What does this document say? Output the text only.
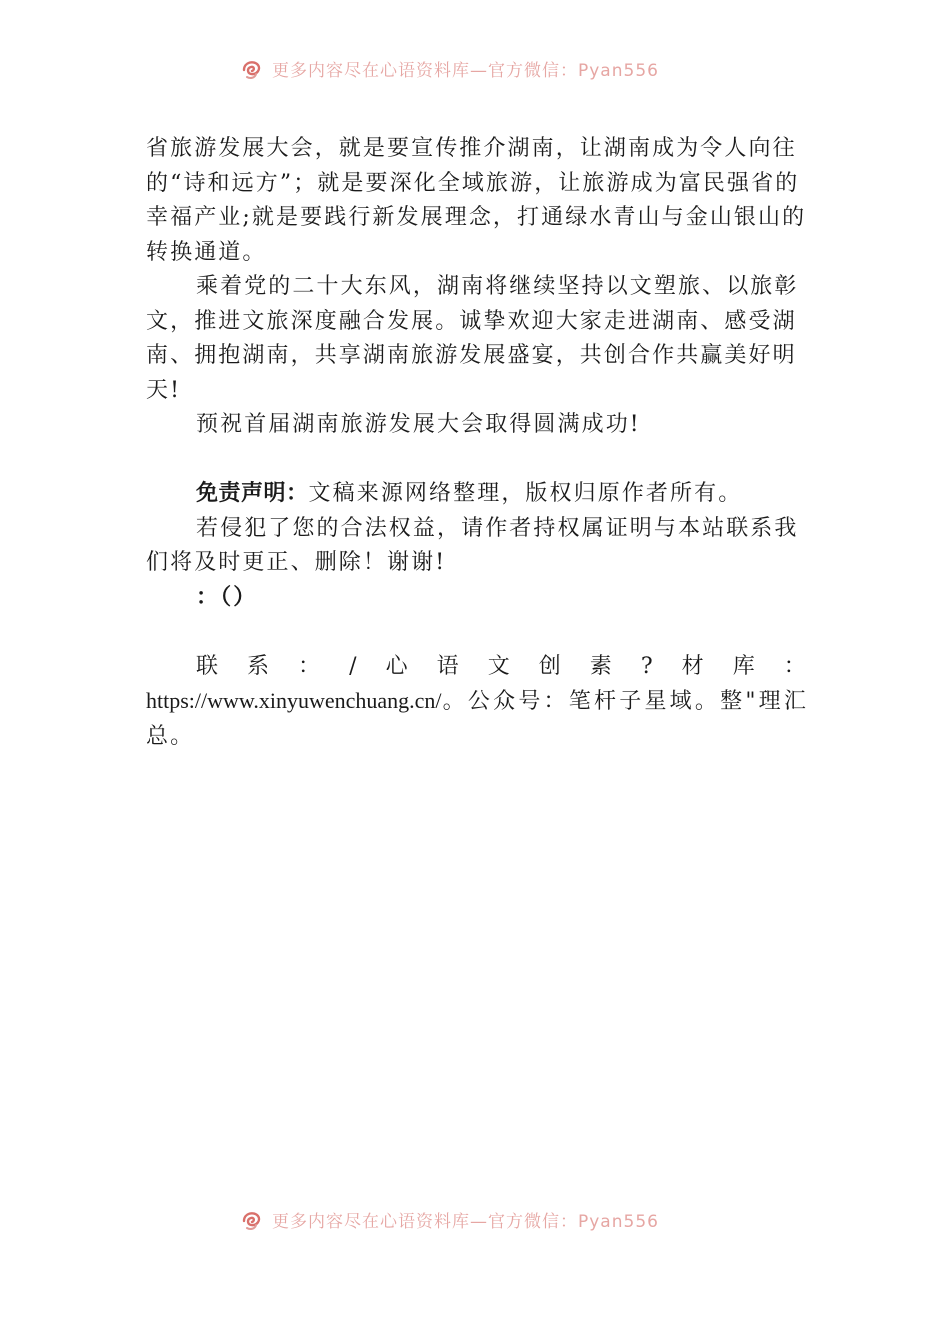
更多内容尽在心语资料库—官方微信：Pyan556

省旅游发展大会，就是要宣传推介湖南，让湖南成为令人向往的“诗和远方”；就是要深化全域旅游，让旅游成为富民强省的幸福产业;就是要践行新发展理念，打通绿水青山与金山银山的转换通道。

乘着党的二十大东风，湖南将继续坚持以文塑旅、以旅彰文，推进文旅深度融合发展。诚挚欢迎大家走进湖南、感受湖南、拥抱湖南，共享湖南旅游发展盛宴，共创合作共赢美好明天!

预祝首届湖南旅游发展大会取得圆满成功!

免责声明：文稿来源网络整理，版权归原作者所有。

若侵犯了您的合法权益，请作者持权属证明与本站联系我们将及时更正、删除！谢谢!

：（）

联 系 ： / 心 语 文 创 素 ? 材 库 ：

https://www.xinyuwenchuang.cn/。公众号：笔杆子星域。整"理汇总。

更多内容尽在心语资料库—官方微信：Pyan556
